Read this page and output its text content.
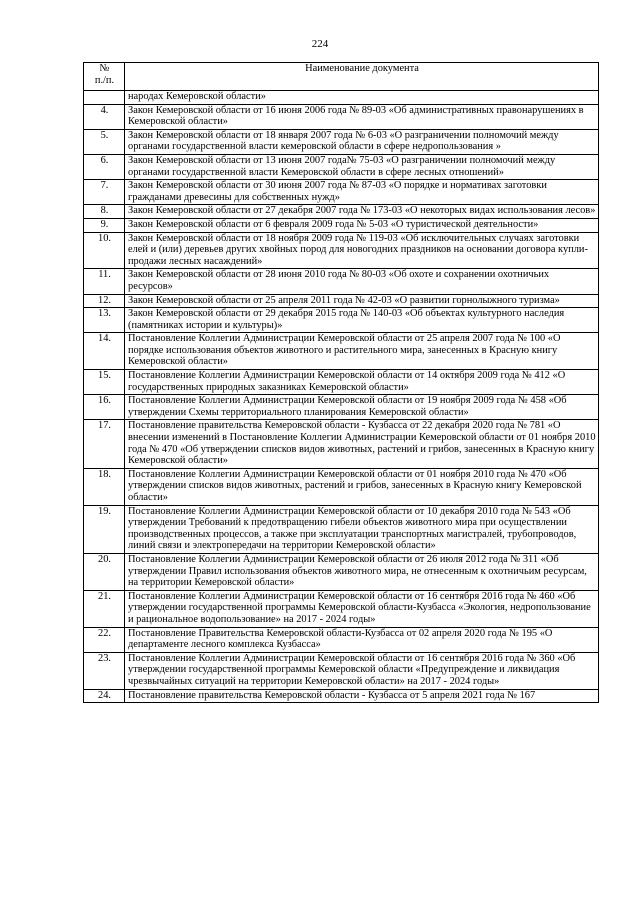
224
№
п./п.	Наименование документа
	народах Кемеровской области»
4.	Закон Кемеровской области от 16 июня 2006 года № 89-03 «Об административных правонарушениях в Кемеровской области»
5.	Закон Кемеровской области от 18 января 2007 года № 6-03 «О разграничении полномочий между органами государственной власти кемеровской области в сфере недропользования »
6.	Закон Кемеровской области от 13 июня 2007 года№ 75-03 «О разграничении полномочий между органами государственной власти Кемеровской области в сфере лесных отношений»
7.	Закон Кемеровской области от 30 июня 2007 года № 87-03 «О порядке и нормативах заготовки гражданами древесины для собственных нужд»
8.	Закон Кемеровской области от 27 декабря 2007 года № 173-03 «О некоторых видах использования лесов»
9.	Закон Кемеровской области от 6 февраля 2009 года № 5-03 «О туристической деятельности»
10.	Закон Кемеровской области от 18 ноября 2009 года № 119-03 «Об исключительных случаях заготовки елей и (или) деревьев других хвойных пород для новогодних праздников на основании договора купли-продажи лесных насаждений»
11.	Закон Кемеровской области от 28 июня 2010 года № 80-03 «Об охоте и сохранении охотничьих ресурсов»
12.	Закон Кемеровской области от 25 апреля 2011 года № 42-03 «О развитии горнолыжного туризма»
13.	Закон Кемеровской области от 29 декабря 2015 года № 140-03 «Об объектах культурного наследия (памятниках истории и культуры)»
14.	Постановление Коллегии Администрации Кемеровской области от 25 апреля 2007 года № 100 «О порядке использования объектов животного и растительного мира, занесенных в Красную книгу Кемеровской области»
15.	Постановление Коллегии Администрации Кемеровской области от 14 октября 2009 года № 412 «О государственных природных заказниках Кемеровской области»
16.	Постановление Коллегии Администрации Кемеровской области от 19 ноября 2009 года № 458 «Об утверждении Схемы территориального планирования Кемеровской области»
17.	Постановление правительства Кемеровской области - Кузбасса от 22 декабря 2020 года № 781 «О внесении изменений в Постановление Коллегии Администрации Кемеровской области от 01 ноября 2010 года № 470 «Об утверждении списков видов животных, растений и грибов, занесенных в Красную книгу Кемеровской области»
18.	Постановление Коллегии Администрации Кемеровской области от 01 ноября 2010 года № 470 «Об утверждении списков видов животных, растений и грибов, занесенных в Красную книгу Кемеровской области»
19.	Постановление Коллегии Администрации Кемеровской области от 10 декабря 2010 года № 543 «Об утверждении Требований к предотвращению гибели объектов животного мира при осуществлении производственных процессов, а также при эксплуатации транспортных магистралей, трубопроводов, линий связи и электропередачи на территории Кемеровской области»
20.	Постановление Коллегии Администрации Кемеровской области от 26 июля 2012 года № 311 «Об утверждении Правил использования объектов животного мира, не отнесенным к охотничьим ресурсам, на территории Кемеровской области»
21.	Постановление Коллегии Администрации Кемеровской области от 16 сентября 2016 года № 460 «Об утверждении государственной программы Кемеровской области-Кузбасса «Экология, недропользование и рациональное водопользование» на 2017 - 2024 годы»
22.	Постановление Правительства Кемеровской области-Кузбасса от 02 апреля 2020 года № 195 «О департаменте лесного комплекса Кузбасса»
23.	Постановление Коллегии Администрации Кемеровской области от 16 сентября 2016 года № 360 «Об утверждении государственной программы Кемеровской области «Предупреждение и ликвидация чрезвычайных ситуаций на территории Кемеровской области» на 2017 - 2024 годы»
24.	Постановление правительства Кемеровской области - Кузбасса от 5 апреля 2021 года № 167
